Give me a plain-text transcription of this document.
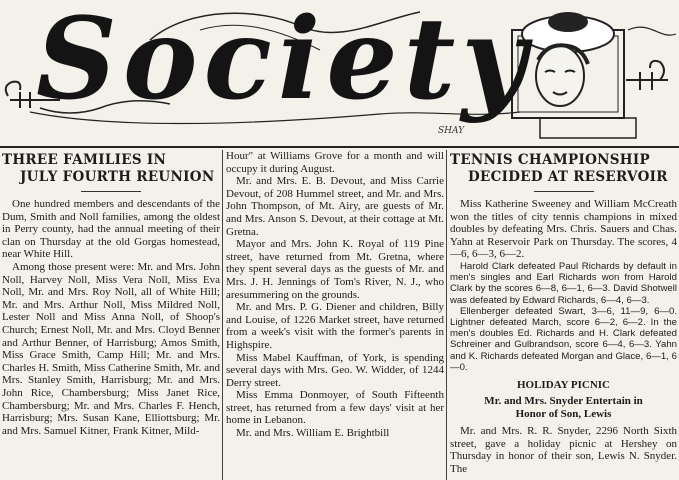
Society
SHAY
THREE FAMILIES IN
JULY FOURTH REUNION

One hundred members and descendants of the Dum, Smith and Noll families, among the oldest in Perry county, had the annual meeting of their clan on Thursday at the old Gorgas homestead, near White Hill.

Among those present were: Mr. and Mrs. John Noll, Harvey Noll, Miss Vera Noll, Miss Eva Noll, Mr. and Mrs. Roy Noll, all of White Hill; Mr. and Mrs. Arthur Noll, Miss Mildred Noll, Lester Noll and Miss Anna Noll, of Shoop's Church; Ernest Noll, Mr. and Mrs. Cloyd Benner and Arthur Benner, of Harrisburg; Amos Smith, Miss Grace Smith, Camp Hill; Mr. and Mrs. Charles H. Smith, Miss Catherine Smith, Mr. and Mrs. Stanley Smith, Harrisburg; Mr. and Mrs. John Rice, Chambersburg; Miss Janet Rice, Chambersburg; Mr. and Mrs. Charles F. Hench, Harrisburg; Mrs. Susan Kane, Elliottsburg; Mr. and Mrs. Samuel Kitner, Frank Kitner, Mild-

Hour" at Williams Grove for a month and will occupy it during August.

Mr. and Mrs. E. B. Devout, and Miss Carrie Devout, of 208 Hummel street, and Mr. and Mrs. John Thompson, of Mt. Airy, are guests of Mr. and Mrs. Anson S. Devout, at their cottage at Mt. Gretna.

Mayor and Mrs. John K. Royal of 119 Pine street, have returned from Mt. Gretna, where they spent several days as the guests of Mr. and Mrs. J. H. Jennings of Tom's River, N. J., who aresummering on the grounds.

Mr. and Mrs. P. G. Diener and children, Billy and Louise, of 1226 Market street, have returned from a week's visit with the former's parents in Highspire.

Miss Mabel Kauffman, of York, is spending several days with Mrs. Geo. W. Widder, of 1244 Derry street.

Miss Emma Donmoyer, of South Fifteenth street, has returned from a few days' visit at her home in Lebanon.

Mr. and Mrs. William E. Brightbill

TENNIS CHAMPIONSHIP
DECIDED AT RESERVOIR

Miss Katherine Sweeney and William McCreath won the titles of city tennis champions in mixed doubles by defeating Mrs. Chris. Sauers and Chas. Yahn at Reservoir Park on Thursday. The scores, 4—6, 6—3, 6—2.

Harold Clark defeated Paul Richards by default in men's singles and Earl Richards won from Harold Clark by the scores 6—8, 6—1, 6—3. David Shotwell was defeated by Edward Richards, 6—4, 6—3.

Ellenberger defeated Swart, 3—6, 11—9, 6—0. Lightner defeated March, score 6—2, 6—2. In the men's doubles Ed. Richards and H. Clark defeated Schreiner and Gulbrandson, score 6—4, 6—3. Yahn and K. Richards defeated Morgan and Glace, 6—1, 6—0.

HOLIDAY PICNIC
Mr. and Mrs. Snyder Entertain in
Honor of Son, Lewis

Mr. and Mrs. R. R. Snyder, 2296 North Sixth street, gave a holiday picnic at Hershey on Thursday in honor of their son, Lewis N. Snyder. The
